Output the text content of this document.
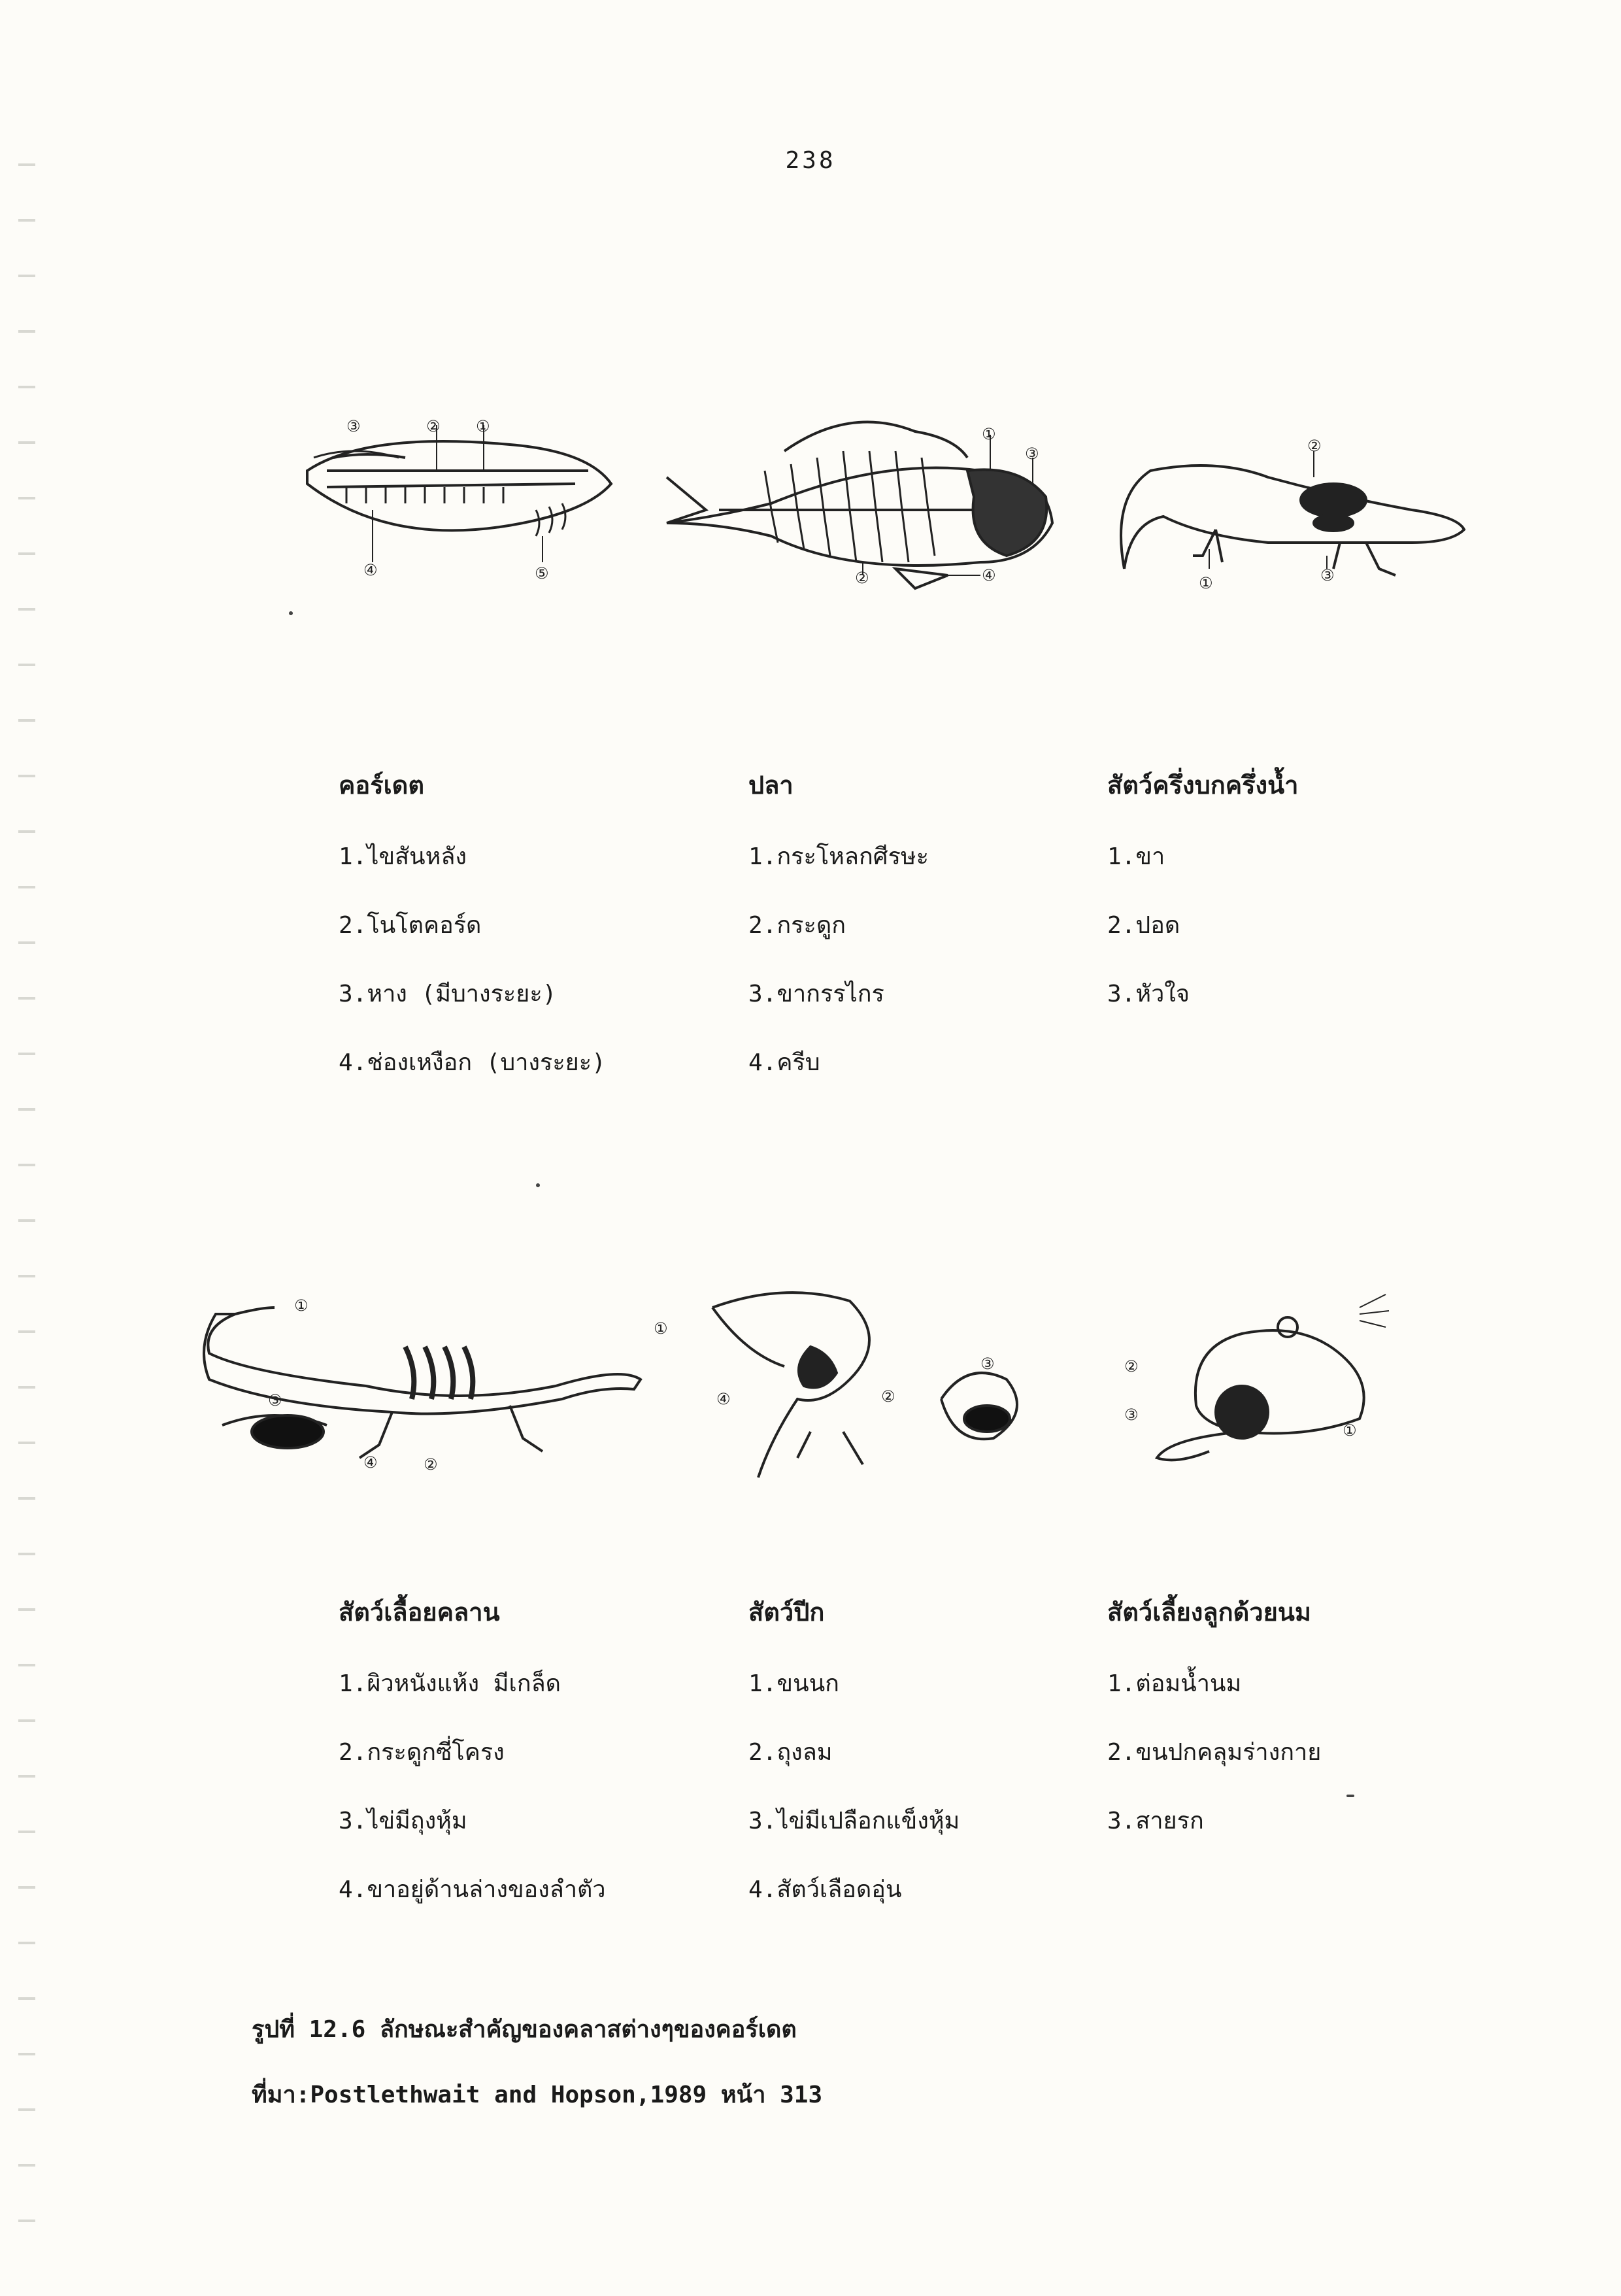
238
③	② ①
④	⑤
①
③
②	④
②
③
①
①
③
④	②
①
④	②
③	②
③
①
คอร์เดต
1.ไขสันหลัง
2.โนโตคอร์ด
3.หาง (มีบางระยะ)
4.ช่องเหงือก (บางระยะ)
ปลา
1.กระโหลกศีรษะ
2.กระดูก
3.ขากรรไกร
4.ครีบ
สัตว์ครึ่งบกครึ่งน้ำ
1.ขา
2.ปอด
3.หัวใจ
สัตว์เลื้อยคลาน
1.ผิวหนังแห้ง มีเกล็ด
2.กระดูกซี่โครง
3.ไข่มีถุงหุ้ม
4.ขาอยู่ด้านล่างของลำตัว
สัตว์ปีก
1.ขนนก
2.ถุงลม
3.ไข่มีเปลือกแข็งหุ้ม
4.สัตว์เลือดอุ่น
สัตว์เลี้ยงลูกด้วยนม
1.ต่อมน้ำนม
2.ขนปกคลุมร่างกาย
3.สายรก
รูปที่ 12.6 ลักษณะสำคัญของคลาสต่างๆของคอร์เดต
ที่มา:Postlethwait and Hopson,1989 หน้า 313
